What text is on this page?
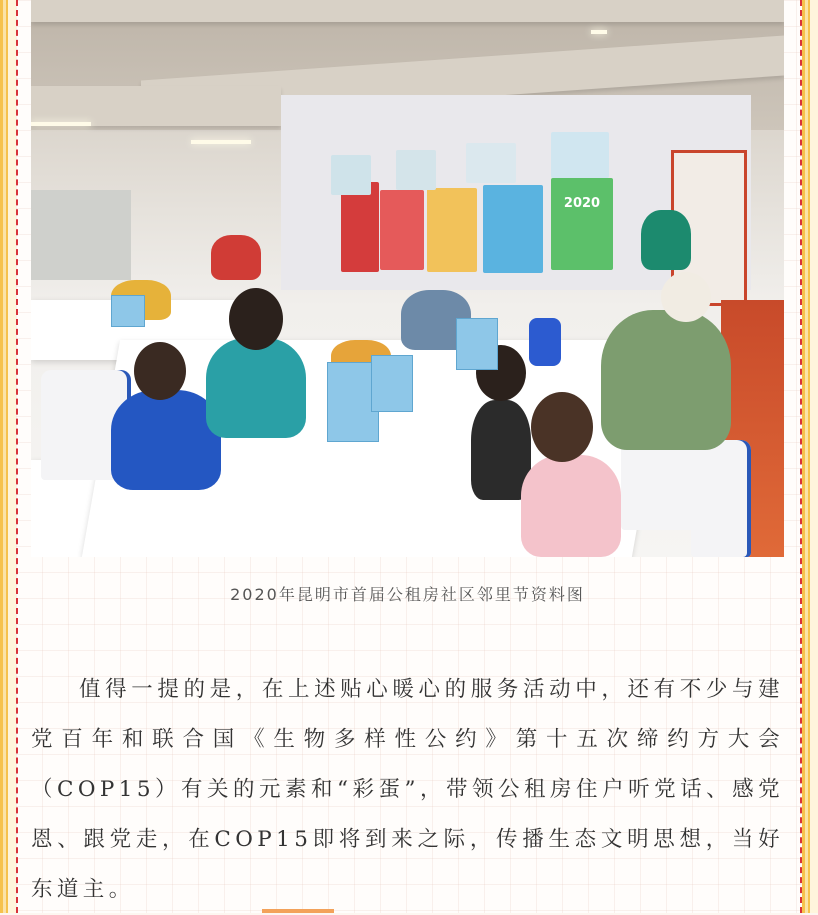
2020
2020年昆明市首届公租房社区邻里节资料图
值得一提的是，在上述贴心暖心的服务活动中，还有不少与建党百年和联合国《生物多样性公约》第十五次缔约方大会（COP15）有关的元素和“彩蛋”，带领公租房住户听党话、感党恩、跟党走，在COP15即将到来之际，传播生态文明思想，当好东道主。
